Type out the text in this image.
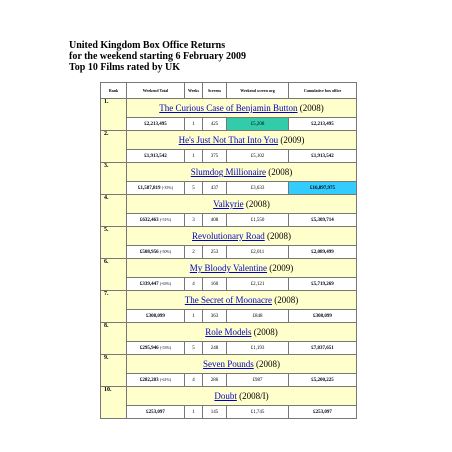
United Kingdom Box Office Returns
for the weekend starting 6 February 2009
Top 10 Films rated by UK
Rank	Weekend Total	Weeks	Screens	Weekend screen avg	Cumulative box office
1.	The Curious Case of Benjamin Button (2008)				
	£2,213,495	1	425	£5,208	£2,213,495
2.	He's Just Not That Into You (2009)				
	£1,913,542	1	375	£5,102	£1,913,542
3.	Slumdog Millionaire (2008)				
	£1,587,819 (-35%)	5	437	£3,633	£16,897,975
4.	Valkyrie (2008)				
	£632,463 (-51%)	3	408	£1,550	£5,309,714
5.	Revolutionary Road (2008)				
	£508,956 (-50%)	2	253	£2,011	£2,089,499
6.	My Bloody Valentine (2009)				
	£339,447 (-63%)	4	160	£2,121	£5,719,269
7.	The Secret of Moonacre (2008)				
	£308,099	1	363	£848	£308,099
8.	Role Models (2008)				
	£295,946 (-53%)	5	248	£1,193	£7,837,651
9.	Seven Pounds (2008)				
	£282,283 (-61%)	4	286	£987	£5,200,225
10.	Doubt (2008/I)				
	£253,097	1	145	£1,745	£253,097
